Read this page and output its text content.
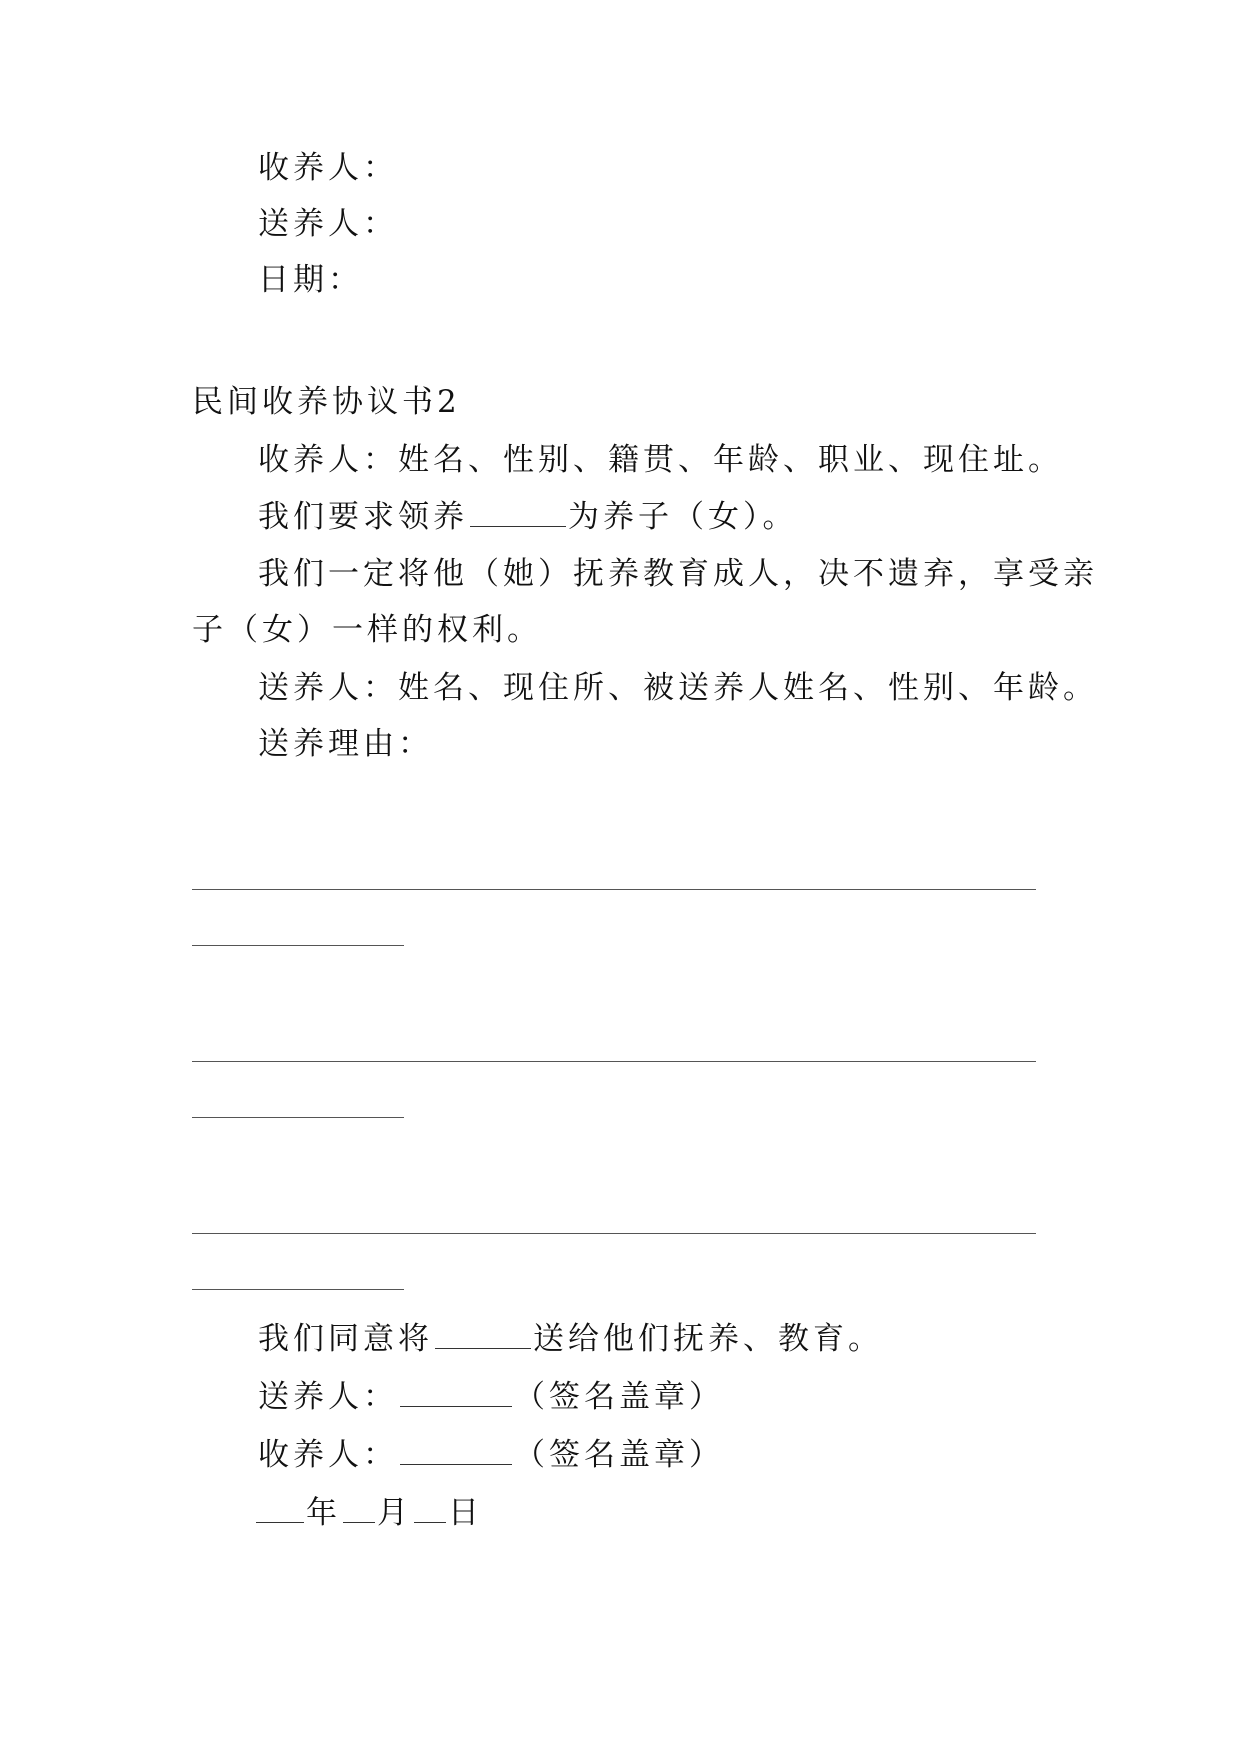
收养人：
送养人：
日期：
民间收养协议书2
收养人：姓名、性别、籍贯、年龄、职业、现住址。
我们要求领养	为养子（女）。
我们一定将他（她）抚养教育成人，决不遗弃，享受亲
子（女）一样的权利。
送养人：姓名、现住所、被送养人姓名、性别、年龄。
送养理由：
我们同意将	送给他们抚养、教育。
送养人：	（签名盖章）
收养人：	（签名盖章）
年 月 日
